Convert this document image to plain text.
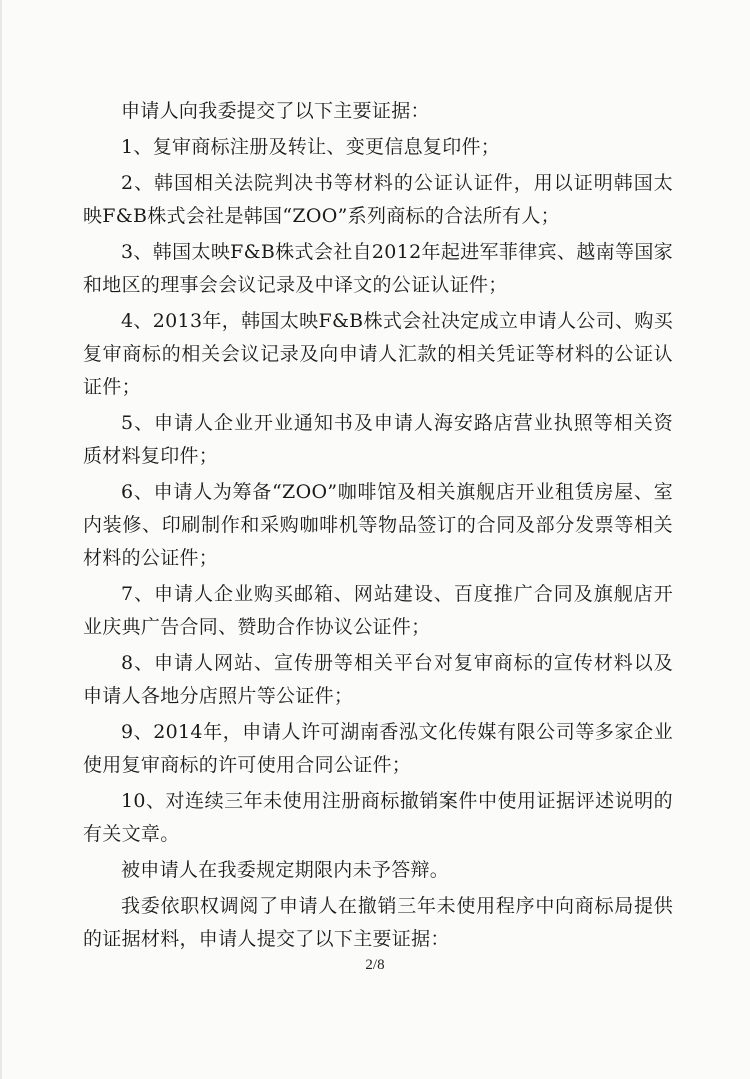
申请人向我委提交了以下主要证据：

1、复审商标注册及转让、变更信息复印件；

2、韩国相关法院判决书等材料的公证认证件，用以证明韩国太映F&B株式会社是韩国“ZOO”系列商标的合法所有人；

3、韩国太映F&B株式会社自2012年起进军菲律宾、越南等国家和地区的理事会会议记录及中译文的公证认证件；

4、2013年，韩国太映F&B株式会社决定成立申请人公司、购买复审商标的相关会议记录及向申请人汇款的相关凭证等材料的公证认证件；

5、申请人企业开业通知书及申请人海安路店营业执照等相关资质材料复印件；

6、申请人为筹备“ZOO”咖啡馆及相关旗舰店开业租赁房屋、室内装修、印刷制作和采购咖啡机等物品签订的合同及部分发票等相关材料的公证件；

7、申请人企业购买邮箱、网站建设、百度推广合同及旗舰店开业庆典广告合同、赞助合作协议公证件；

8、申请人网站、宣传册等相关平台对复审商标的宣传材料以及申请人各地分店照片等公证件；

9、2014年，申请人许可湖南香泓文化传媒有限公司等多家企业使用复审商标的许可使用合同公证件；

10、对连续三年未使用注册商标撤销案件中使用证据评述说明的有关文章。

被申请人在我委规定期限内未予答辩。

我委依职权调阅了申请人在撤销三年未使用程序中向商标局提供的证据材料，申请人提交了以下主要证据：

2/8
